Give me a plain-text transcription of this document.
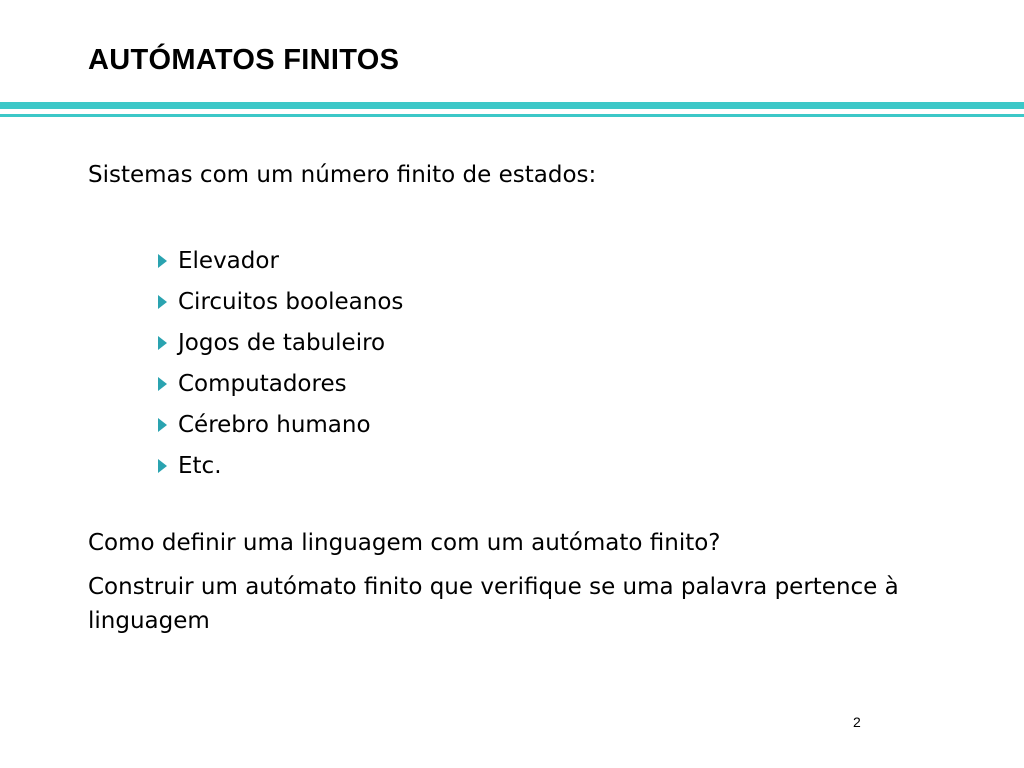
AUTÓMATOS FINITOS
Sistemas com um número finito de estados:
Elevador
Circuitos booleanos
Jogos de tabuleiro
Computadores
Cérebro humano
Etc.
Como definir uma linguagem com um autómato finito?
Construir um autómato finito que verifique se uma palavra pertence à linguagem
2
